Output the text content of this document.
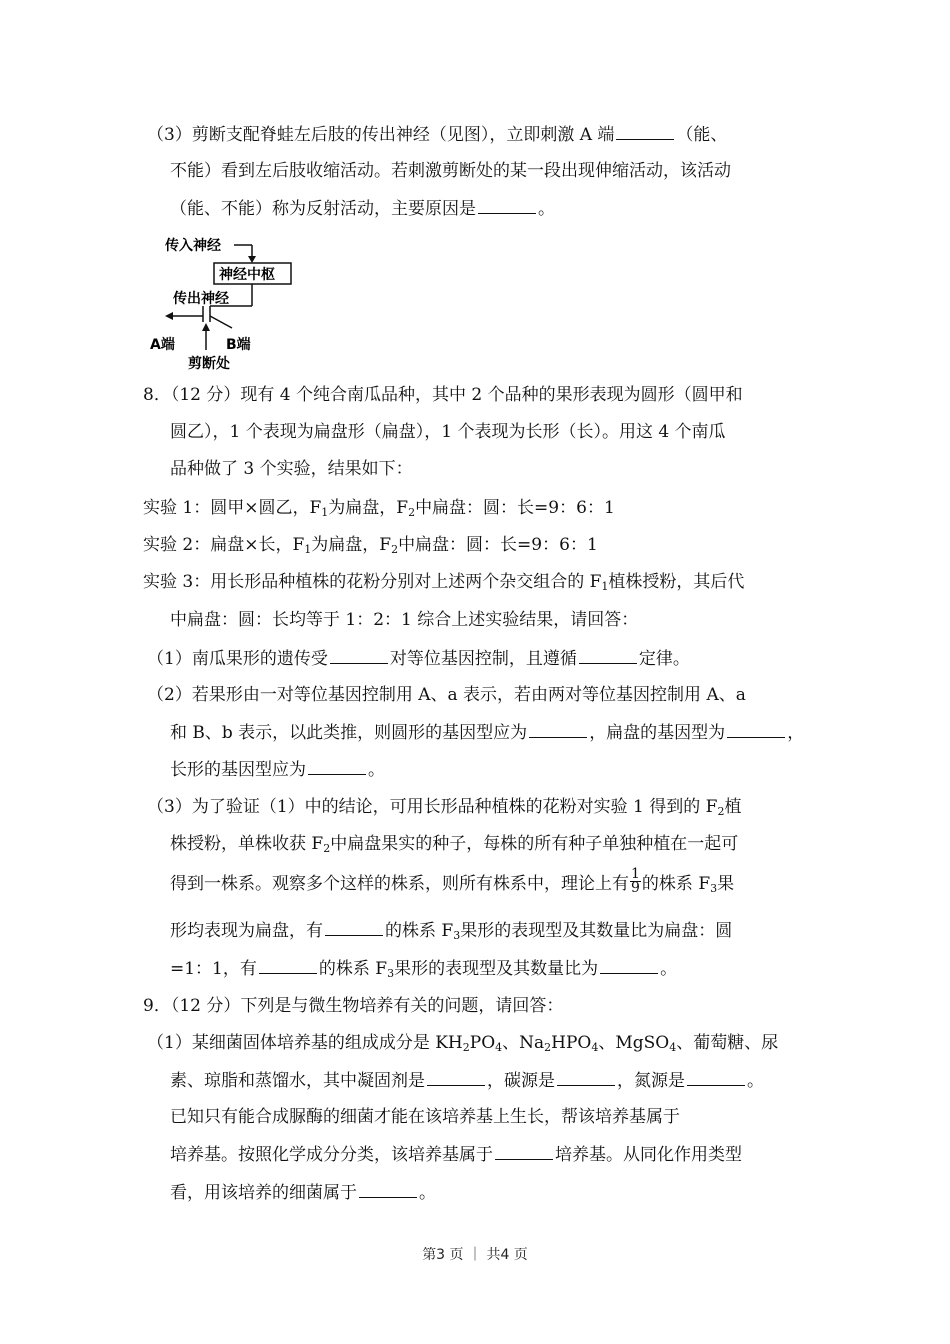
（3）剪断支配脊蛙左后肢的传出神经（见图），立即刺激 A 端	（能、
不能）看到左后肢收缩活动。若刺激剪断处的某一段出现伸缩活动，该活动
（能、不能）称为反射活动，主要原因是	。
传入神经
神经中枢
传出神经
A端	B端
剪断处
8．（12 分）现有 4 个纯合南瓜品种，其中 2 个品种的果形表现为圆形（圆甲和
圆乙），1 个表现为扁盘形（扁盘），1 个表现为长形（长）。用这 4 个南瓜
品种做了 3 个实验，结果如下：
实验 1：圆甲×圆乙，$F_1$为扁盘，$F_2$中扁盘：圆：长=9：6：1
实验 2：扁盘×长，$F_1$为扁盘，$F_2$中扁盘：圆：长=9：6：1
实验 3：用长形品种植株的花粉分别对上述两个杂交组合的 $F_1$植株授粉，其后代
中扁盘：圆：长均等于 1：2：1 综合上述实验结果，请回答：
（1）南瓜果形的遗传受	对等位基因控制，且遵循	定律。
（2）若果形由一对等位基因控制用 A、a 表示，若由两对等位基因控制用 A、a
和 B、b 表示，以此类推，则圆形的基因型应为	，扁盘的基因型为	，
长形的基因型应为	。
（3）为了验证（1）中的结论，可用长形品种植株的花粉对实验 1 得到的 $F_2$植
株授粉，单株收获 $F_2$中扁盘果实的种子，每株的所有种子单独种植在一起可
得到一株系。观察多个这样的株系，则所有株系中，理论上有 $\frac{1}{9}$ 的株系 $F_3$果
形均表现为扁盘，有	的株系 $F_3$果形的表现型及其数量比为扁盘：圆
=1：1，有	的株系 $F_3$果形的表现型及其数量比为	。
9．（12 分）下列是与微生物培养有关的问题，请回答：
（1）某细菌固体培养基的组成成分是 $KH_2PO_4$、$Na_2HPO_4$、MgSO$_4$、葡萄糖、尿
素、琼脂和蒸馏水，其中凝固剂是	，碳源是	，氮源是	。
已知只有能合成脲酶的细菌才能在该培养基上生长，帮该培养基属于
培养基。按照化学成分分类，该培养基属于	培养基。从同化作用类型
看，用该培养的细菌属于	。
第3 页 ｜ 共4 页
